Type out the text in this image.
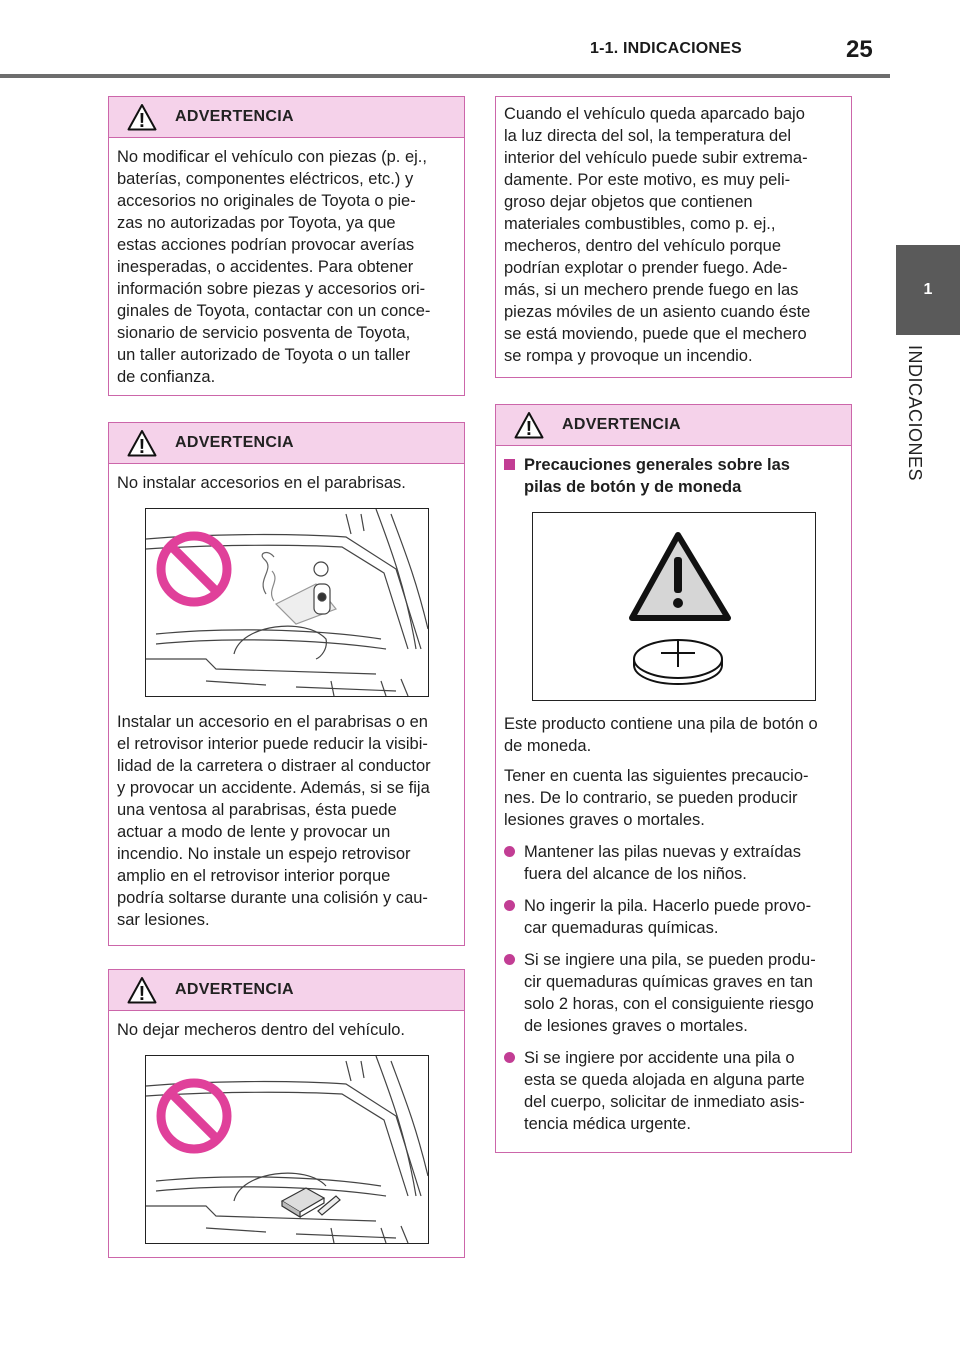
1-1. INDICACIONES	25
1
INDICACIONES
! ADVERTENCIA

No modificar el vehículo con piezas (p. ej.,

baterías, componentes eléctricos, etc.) y

accesorios no originales de Toyota o pie-

zas no autorizadas por Toyota, ya que

estas acciones podrían provocar averías

inesperadas, o accidentes. Para obtener

información sobre piezas y accesorios ori-

ginales de Toyota, contactar con un conce-

sionario de servicio posventa de Toyota,

un taller autorizado de Toyota o un taller

de confianza.

! ADVERTENCIA

No instalar accesorios en el parabrisas.

Instalar un accesorio en el parabrisas o en

el retrovisor interior puede reducir la visibi-

lidad de la carretera o distraer al conductor

y provocar un accidente. Además, si se fija

una ventosa al parabrisas, ésta puede

actuar a modo de lente y provocar un

incendio. No instale un espejo retrovisor

amplio en el retrovisor interior porque

podría soltarse durante una colisión y cau-

sar lesiones.

! ADVERTENCIA

No dejar mecheros dentro del vehículo.

Cuando el vehículo queda aparcado bajo

la luz directa del sol, la temperatura del

interior del vehículo puede subir extrema-

damente. Por este motivo, es muy peli-

groso dejar objetos que contienen

materiales combustibles, como p. ej.,

mecheros, dentro del vehículo porque

podrían explotar o prender fuego. Ade-

más, si un mechero prende fuego en las

piezas móviles de un asiento cuando éste

se está moviendo, puede que el mechero

se rompa y provoque un incendio.

! ADVERTENCIA

Precauciones generales sobre las

pilas de botón y de moneda

Este producto contiene una pila de botón o

de moneda.

Tener en cuenta las siguientes precaucio-

nes. De lo contrario, se pueden producir

lesiones graves o mortales.

Mantener las pilas nuevas y extraídas

fuera del alcance de los niños.

No ingerir la pila. Hacerlo puede provo-

car quemaduras químicas.

Si se ingiere una pila, se pueden produ-

cir quemaduras químicas graves en tan

solo 2 horas, con el consiguiente riesgo

de lesiones graves o mortales.

Si se ingiere por accidente una pila o

esta se queda alojada en alguna parte

del cuerpo, solicitar de inmediato asis-

tencia médica urgente.
